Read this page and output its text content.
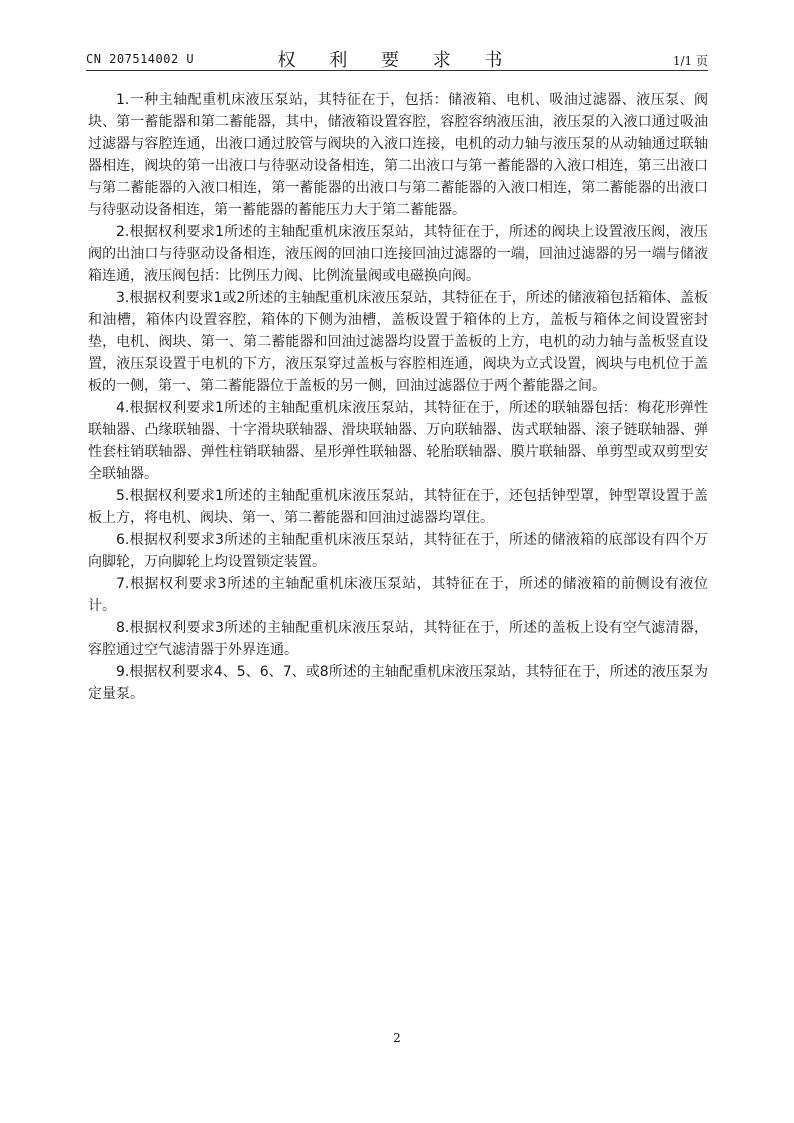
CN 207514002 U	权 利 要 求 书	1/1 页

1.一种主轴配重机床液压泵站，其特征在于，包括：储液箱、电机、吸油过滤器、液压泵、阀块、第一蓄能器和第二蓄能器，其中，储液箱设置容腔，容腔容纳液压油，液压泵的入液口通过吸油过滤器与容腔连通，出液口通过胶管与阀块的入液口连接，电机的动力轴与液压泵的从动轴通过联轴器相连，阀块的第一出液口与待驱动设备相连，第二出液口与第一蓄能器的入液口相连，第三出液口与第二蓄能器的入液口相连，第一蓄能器的出液口与第二蓄能器的入液口相连，第二蓄能器的出液口与待驱动设备相连，第一蓄能器的蓄能压力大于第二蓄能器。

2.根据权利要求1所述的主轴配重机床液压泵站，其特征在于，所述的阀块上设置液压阀，液压阀的出油口与待驱动设备相连，液压阀的回油口连接回油过滤器的一端，回油过滤器的另一端与储液箱连通，液压阀包括：比例压力阀、比例流量阀或电磁换向阀。

3.根据权利要求1或2所述的主轴配重机床液压泵站，其特征在于，所述的储液箱包括箱体、盖板和油槽，箱体内设置容腔，箱体的下侧为油槽，盖板设置于箱体的上方，盖板与箱体之间设置密封垫，电机、阀块、第一、第二蓄能器和回油过滤器均设置于盖板的上方，电机的动力轴与盖板竖直设置，液压泵设置于电机的下方，液压泵穿过盖板与容腔相连通，阀块为立式设置，阀块与电机位于盖板的一侧，第一、第二蓄能器位于盖板的另一侧，回油过滤器位于两个蓄能器之间。

4.根据权利要求1所述的主轴配重机床液压泵站，其特征在于，所述的联轴器包括：梅花形弹性联轴器、凸缘联轴器、十字滑块联轴器、滑块联轴器、万向联轴器、齿式联轴器、滚子链联轴器、弹性套柱销联轴器、弹性柱销联轴器、星形弹性联轴器、轮胎联轴器、膜片联轴器、单剪型或双剪型安全联轴器。

5.根据权利要求1所述的主轴配重机床液压泵站，其特征在于，还包括钟型罩，钟型罩设置于盖板上方，将电机、阀块、第一、第二蓄能器和回油过滤器均罩住。

6.根据权利要求3所述的主轴配重机床液压泵站，其特征在于，所述的储液箱的底部设有四个万向脚轮，万向脚轮上均设置锁定装置。

7.根据权利要求3所述的主轴配重机床液压泵站，其特征在于，所述的储液箱的前侧设有液位计。

8.根据权利要求3所述的主轴配重机床液压泵站，其特征在于，所述的盖板上设有空气滤清器，容腔通过空气滤清器于外界连通。

9.根据权利要求4、5、6、7、或8所述的主轴配重机床液压泵站，其特征在于，所述的液压泵为定量泵。

2
